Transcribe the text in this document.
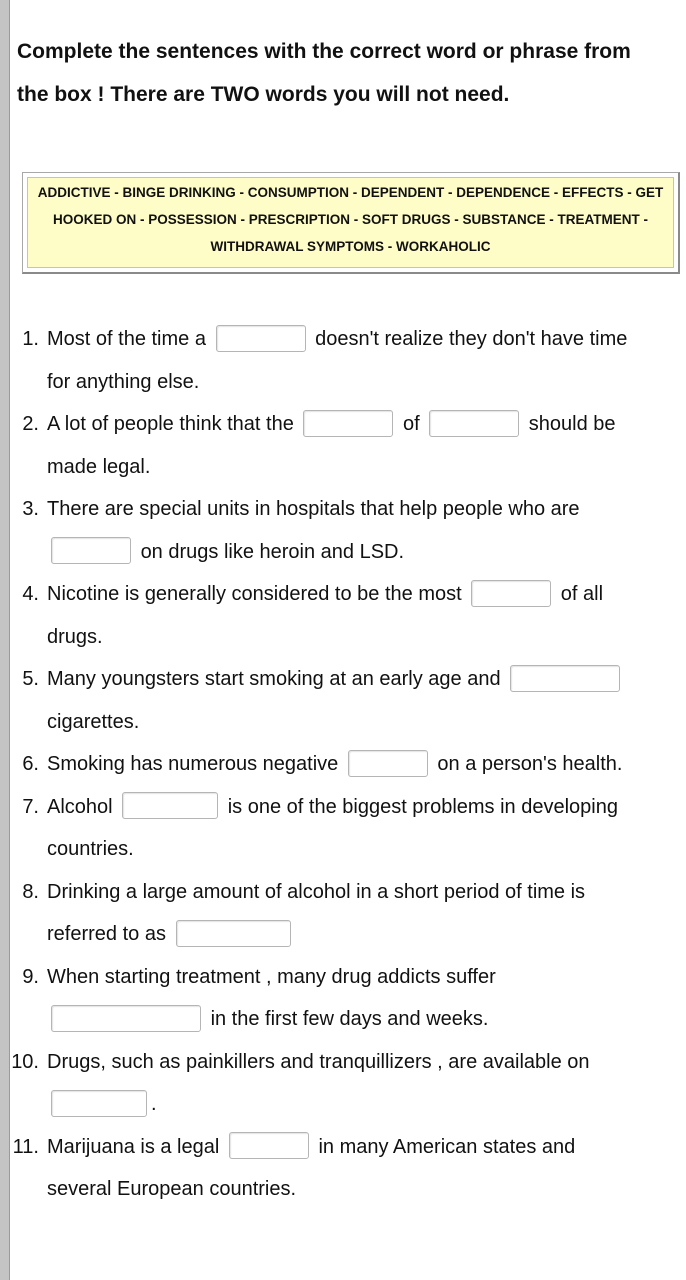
Complete the sentences with the correct word or phrase from
the box ! There are TWO words you will not need.
ADDICTIVE - BINGE DRINKING - CONSUMPTION - DEPENDENT - DEPENDENCE - EFFECTS - GET
HOOKED ON - POSSESSION - PRESCRIPTION - SOFT DRUGS - SUBSTANCE - TREATMENT -
WITHDRAWAL SYMPTOMS - WORKAHOLIC
1. Most of the time a	doesn't realize they don't have time
for anything else.
2. A lot of people think that the	of	should be
made legal.
3. There are special units in hospitals that help people who are
on drugs like heroin and LSD.
4. Nicotine is generally considered to be the most	of all
drugs.
5. Many youngsters start smoking at an early age and
cigarettes.
6. Smoking has numerous negative	on a person's health.
7. Alcohol	is one of the biggest problems in developing
countries.
8. Drinking a large amount of alcohol in a short period of time is
referred to as
9. When starting treatment , many drug addicts suffer
in the first few days and weeks.
10. Drugs, such as painkillers and tranquillizers , are available on
.
11. Marijuana is a legal	in many American states and
several European countries.
